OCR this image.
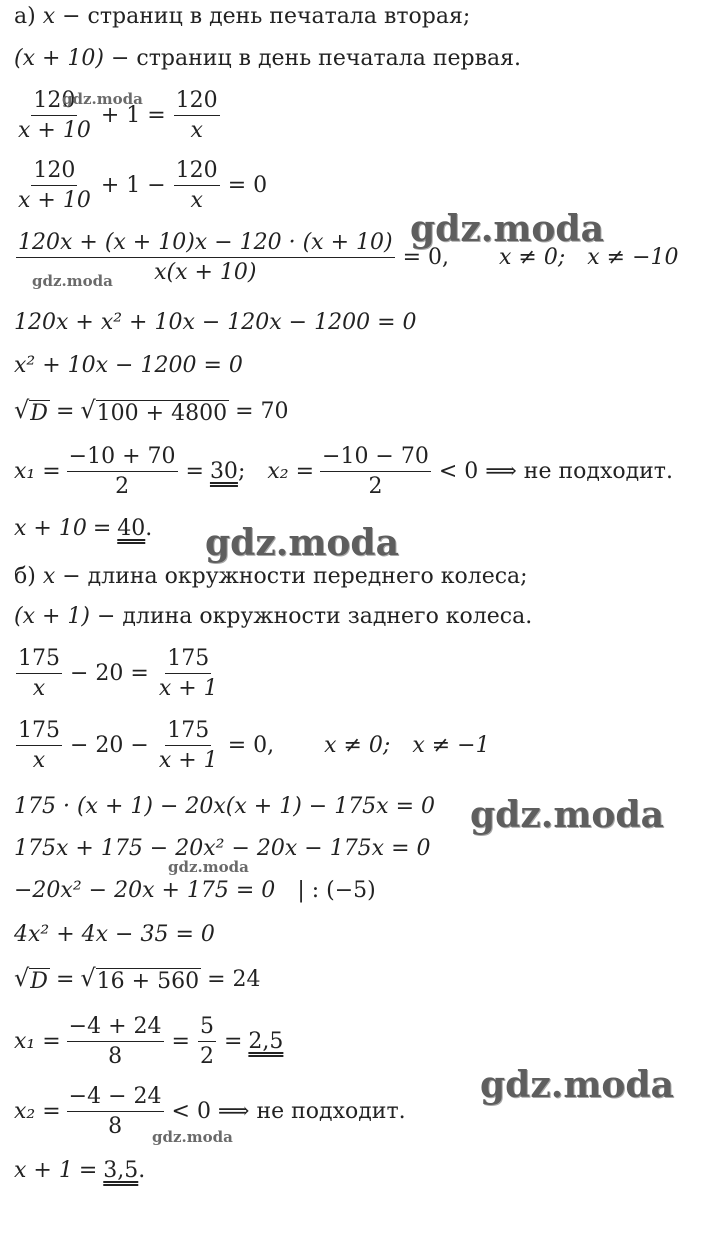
а)
x
− страниц в день печатала вторая;
(x + 10)
− страниц в день печатала первая.
$\frac{120}{x + 10} + 1 = \frac{120}{x}$
$\frac{120}{x + 10} + 1 - \frac{120}{x} = 0$
$\frac{120x + (x + 10)x - 120 \cdot (x + 10)}{x(x + 10)} = 0$, x ≠ 0; x ≠ −10
120x + x² + 10x − 120x − 1200 = 0
x² + 10x − 1200 = 0
√ D = √ 100 + 4800 = 70
$x_1 = \frac{-10 + 70}{2} = 30$ ; $x_2 = \frac{-10 - 70}{2} < 0$ ⟹ не подходит.
x + 10 = 40 .
б)
x
− длина окружности переднего колеса;
(x + 1)
− длина окружности заднего колеса.
$\frac{175}{x} - 20 = \frac{175}{x + 1}$
$\frac{175}{x} - 20 - \frac{175}{x + 1} = 0$, x ≠ 0; x ≠ −1
175 · (x + 1) − 20x(x + 1) − 175x = 0
175x + 175 − 20x² − 20x − 175x = 0
−20x² − 20x + 175 = 0 | : (−5)
4x² + 4x − 35 = 0
√ D = √ 16 + 560 = 24
$x_1 = \frac{-4 + 24}{8} = \frac{5}{2} = 2,5$
$x_2 = \frac{-4 - 24}{8} < 0$ ⟹ не подходит.
x + 1 = 3,5 .
gdz.moda
gdz.moda
gdz.moda
gdz.moda
gdz.moda
gdz.moda
gdz.moda
gdz.moda
